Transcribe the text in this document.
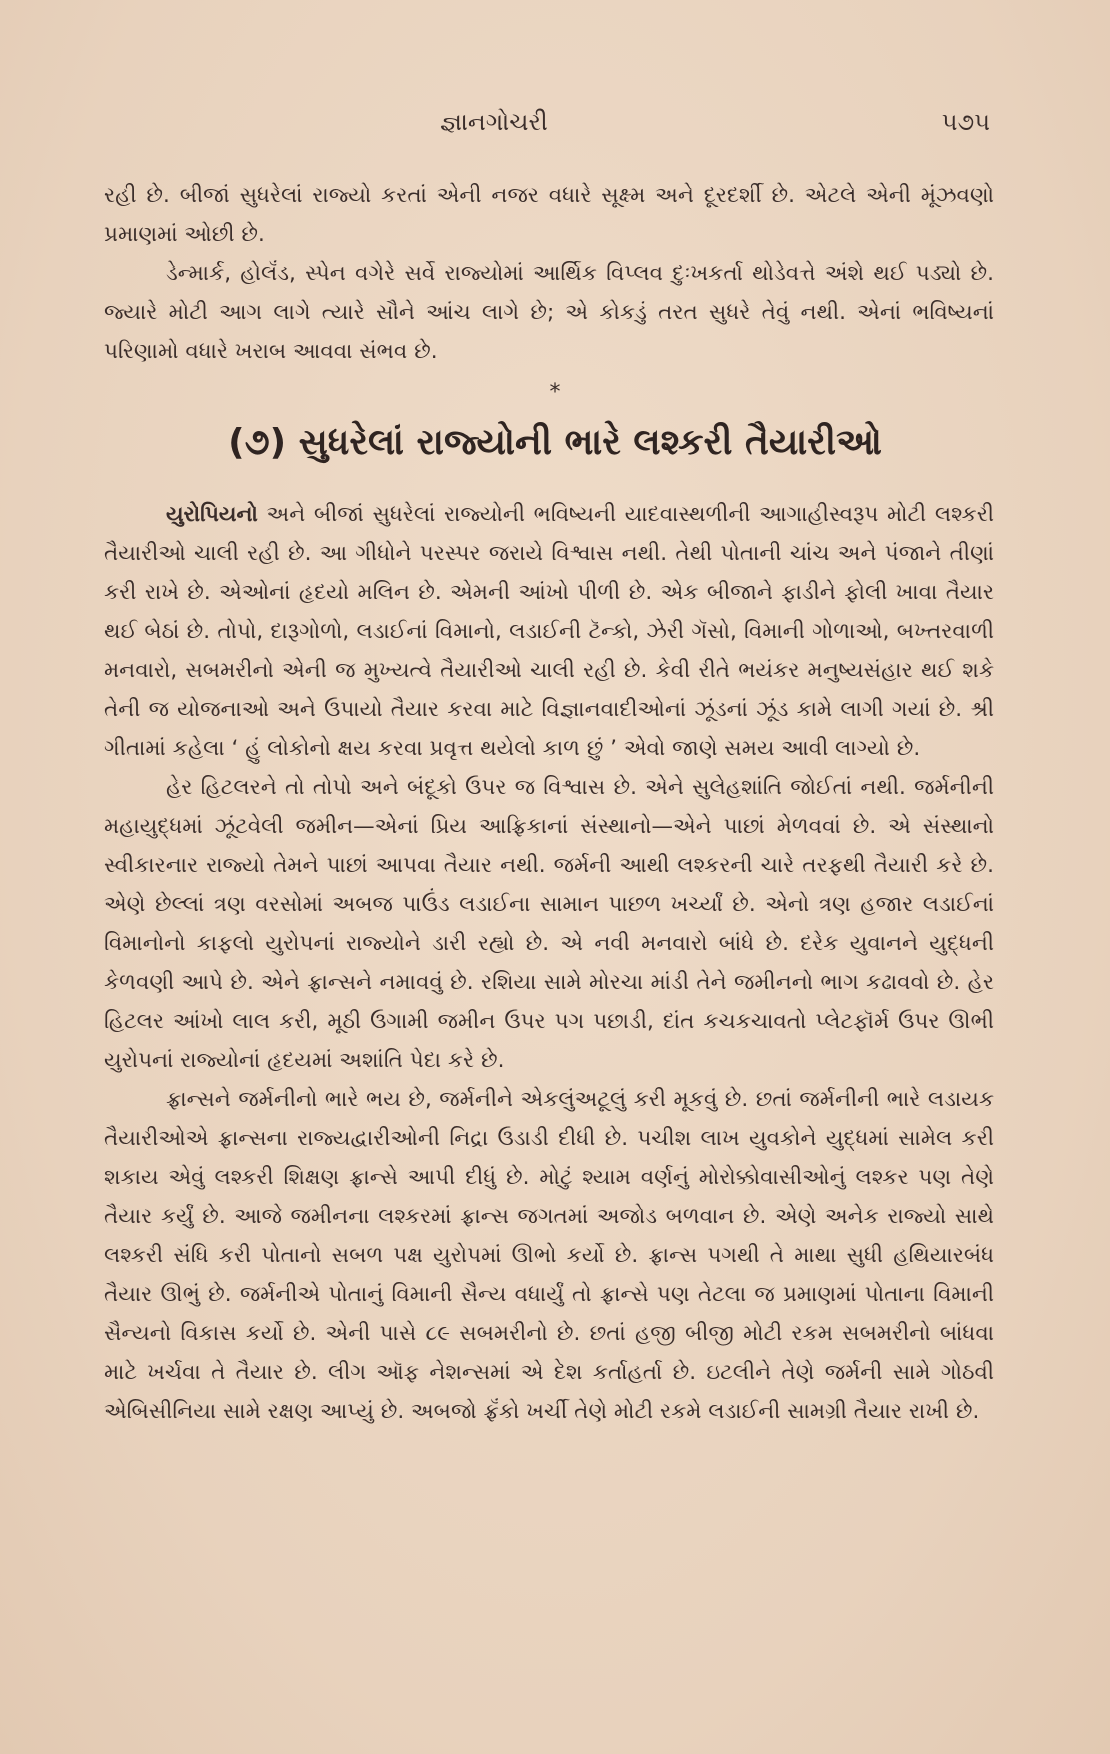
જ્ઞાનગોચરી	૫૭૫

રહી છે. બીજાં સુધરેલાં રાજ્યો કરતાં એની નજર વધારે સૂક્ષ્મ અને દૂરદર્શી છે. એટલે એની મૂંઝવણો પ્રમાણમાં ઓછી છે.

ડેન્માર્ક, હોલૅંડ, સ્પેન વગેરે સર્વે રાજ્યોમાં આર્થિક વિપ્લવ દુઃખકર્તા થોડેવત્તે અંશે થઈ પડ્યો છે. જ્યારે મોટી આગ લાગે ત્યારે સૌને આંચ લાગે છે; એ કોકડું તરત સુધરે તેવું નથી. એનાં ભવિષ્યનાં પરિણામો વધારે ખરાબ આવવા સંભવ છે.

*
(૭) સુધરેલાં રાજ્યોની ભારે લશ્કરી તૈયારીઓ

યુરોપિયનો અને બીજાં સુધરેલાં રાજ્યોની ભવિષ્યની યાદવાસ્થળીની આગાહીસ્વરૂપ મોટી લશ્કરી તૈયારીઓ ચાલી રહી છે. આ ગીધોને પરસ્પર જરાયે વિશ્વાસ નથી. તેથી પોતાની ચાંચ અને પંજાને તીણાં કરી રાખે છે. એઓનાં હૃદયો મલિન છે. એમની આંખો પીળી છે. એક બીજાને ફાડીને ફોલી ખાવા તૈયાર થઈ બેઠાં છે. તોપો, દારૂગોળો, લડાઈનાં વિમાનો, લડાઈની ટૅન્કો, ઝેરી ગૅસો, વિમાની ગોળાઓ, બખ્તરવાળી મનવારો, સબમરીનો એની જ મુખ્યત્વે તૈયારીઓ ચાલી રહી છે. કેવી રીતે ભયંકર મનુષ્યસંહાર થઈ શકે તેની જ યોજનાઓ અને ઉપાયો તૈયાર કરવા માટે વિજ્ઞાનવાદીઓનાં ઝૂંડનાં ઝૂંડ કામે લાગી ગયાં છે. શ્રી ગીતામાં કહેલા ‘ હું લોકોનો ક્ષય કરવા પ્રવૃત્ત થયેલો કાળ છું ’ એવો જાણે સમય આવી લાગ્યો છે.

હેર હિટલરને તો તોપો અને બંદૂકો ઉપર જ વિશ્વાસ છે. એને સુલેહશાંતિ જોઈતાં નથી. જર્મનીની મહાયુદ્ધમાં ઝૂંટવેલી જમીન—એનાં પ્રિય આફ્રિકાનાં સંસ્થાનો—એને પાછાં મેળવવાં છે. એ સંસ્થાનો સ્વીકારનાર રાજ્યો તેમને પાછાં આપવા તૈયાર નથી. જર્મની આથી લશ્કરની ચારે તરફથી તૈયારી કરે છે. એણે છેલ્લાં ત્રણ વરસોમાં અબજ પાઉંડ લડાઈના સામાન પાછળ ખર્ચ્યાં છે. એનો ત્રણ હજાર લડાઈનાં વિમાનોનો કાફલો યુરોપનાં રાજ્યોને ડારી રહ્યો છે. એ નવી મનવારો બાંધે છે. દરેક યુવાનને યુદ્ધની કેળવણી આપે છે. એને ફ્રાન્સને નમાવવું છે. રશિયા સામે મોરચા માંડી તેને જમીનનો ભાગ કઢાવવો છે. હેર હિટલર આંખો લાલ કરી, મૂઠી ઉગામી જમીન ઉપર પગ પછાડી, દાંત કચકચાવતો પ્લેટફૉર્મ ઉપર ઊભી યુરોપનાં રાજ્યોનાં હૃદયમાં અશાંતિ પેદા કરે છે.

ફ્રાન્સને જર્મનીનો ભારે ભય છે, જર્મનીને એકલુંઅટૂલું કરી મૂકવું છે. છતાં જર્મનીની ભારે લડાયક તૈયારીઓએ ફ્રાન્સના રાજ્યદ્વારીઓની નિદ્રા ઉડાડી દીધી છે. પચીશ લાખ યુવકોને યુદ્ધમાં સામેલ કરી શકાય એવું લશ્કરી શિક્ષણ ફ્રાન્સે આપી દીધું છે. મોટું શ્યામ વર્ણનું મોરોક્કોવાસીઓનું લશ્કર પણ તેણે તૈયાર કર્યું છે. આજે જમીનના લશ્કરમાં ફ્રાન્સ જગતમાં અજોડ બળવાન છે. એણે અનેક રાજ્યો સાથે લશ્કરી સંધિ કરી પોતાનો સબળ પક્ષ યુરોપમાં ઊભો કર્યો છે. ફ્રાન્સ પગથી તે માથા સુધી હથિયારબંધ તૈયાર ઊભું છે. જર્મનીએ પોતાનું વિમાની સૈન્ય વધાર્યું તો ફ્રાન્સે પણ તેટલા જ પ્રમાણમાં પોતાના વિમાની સૈન્યનો વિકાસ કર્યો છે. એની પાસે ૮૯ સબમરીનો છે. છતાં હજી બીજી મોટી રકમ સબમરીનો બાંધવા માટે ખર્ચવા તે તૈયાર છે. લીગ ઑફ નેશન્સમાં એ દેશ કર્તાહર્તા છે. ઇટલીને તેણે જર્મની સામે ગોઠવી એબિસીનિયા સામે રક્ષણ આપ્યું છે. અબજો ફ્રૅંકો ખર્ચી તેણે મોટી રકમે લડાઈની સામગ્રી તૈયાર રાખી છે.
